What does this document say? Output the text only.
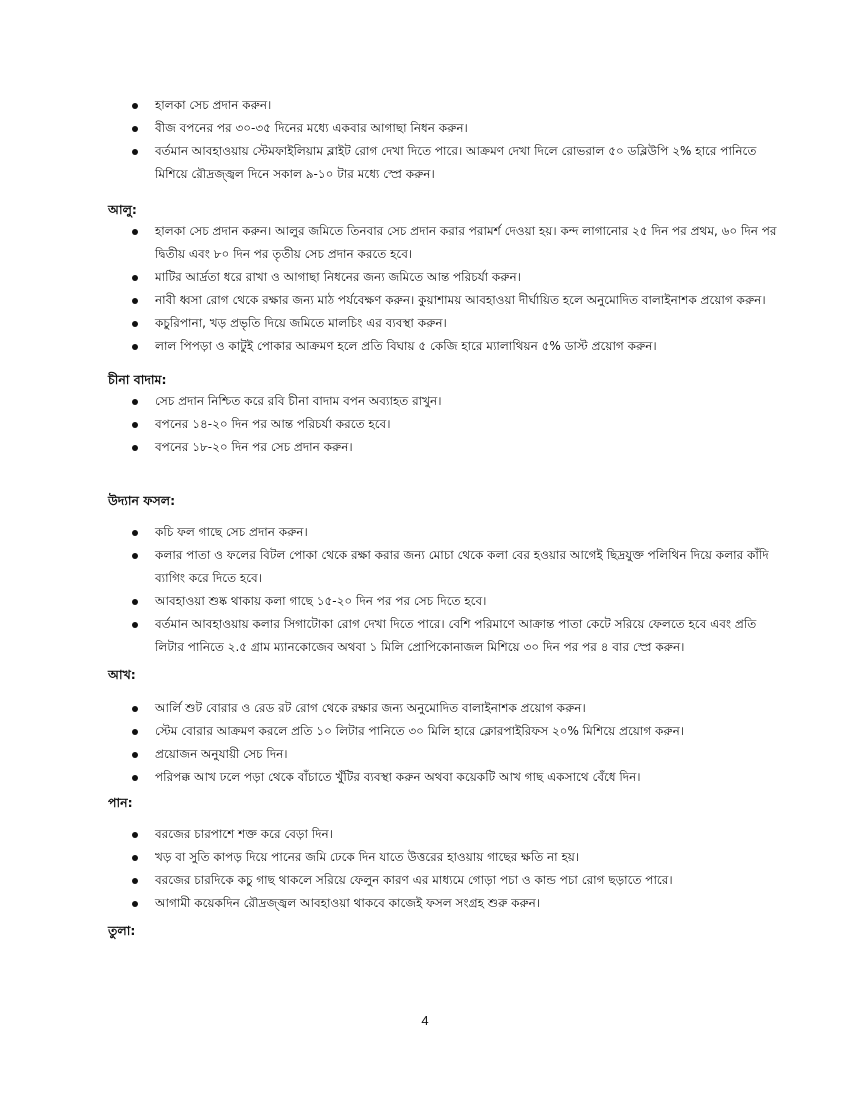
হালকা সেচ প্রদান করুন।
বীজ বপনের পর ৩০-৩৫ দিনের মধ্যে একবার আগাছা নিধন করুন।
বর্তমান আবহাওয়ায় স্টেমফাইলিয়াম ব্লাইট রোগ দেখা দিতে পারে। আক্রমণ দেখা দিলে রোভরাল ৫০ ডব্লিউপি ২% হারে পানিতে মিশিয়ে রৌদ্রজ্জ্বল দিনে সকাল ৯-১০ টার মধ্যে স্প্রে করুন।

আলু:

হালকা সেচ প্রদান করুন। আলুর জমিতে তিনবার সেচ প্রদান করার পরামর্শ দেওয়া হয়। কন্দ লাগানোর ২৫ দিন পর প্রথম, ৬০ দিন পর দ্বিতীয় এবং ৮০ দিন পর তৃতীয় সেচ প্রদান করতে হবে।
মাটির আর্দ্রতা ধরে রাখা ও আগাছা নিধনের জন্য জমিতে আন্ত পরিচর্যা করুন।
নাবী ধ্বসা রোগ থেকে রক্ষার জন্য মাঠ পর্যবেক্ষণ করুন। কুয়াশাময় আবহাওয়া দীর্ঘায়িত হলে অনুমোদিত বালাইনাশক প্রয়োগ করুন।
কচুরিপানা, খড় প্রভৃতি দিয়ে জমিতে মালচিং এর ব্যবস্থা করুন।
লাল পিপড়া ও কাটুই পোকার আক্রমণ হলে প্রতি বিঘায় ৫ কেজি হারে ম্যালাথিয়ন ৫% ডাস্ট প্রয়োগ করুন।

চীনা বাদাম:

সেচ প্রদান নিশ্চিত করে রবি চীনা বাদাম বপন অব্যাহত রাখুন।
বপনের ১৪-২০ দিন পর আন্ত পরিচর্যা করতে হবে।
বপনের ১৮-২০ দিন পর সেচ প্রদান করুন।

উদ্যান ফসল:

কচি ফল গাছে সেচ প্রদান করুন।
কলার পাতা ও ফলের বিটল পোকা থেকে রক্ষা করার জন্য মোচা থেকে কলা বের হওয়ার আগেই ছিদ্রযুক্ত পলিথিন দিয়ে কলার কাঁদি ব্যাগিং করে দিতে হবে।
আবহাওয়া শুষ্ক থাকায় কলা গাছে ১৫-২০ দিন পর পর সেচ দিতে হবে।
বর্তমান আবহাওয়ায় কলার সিগাটোকা রোগ দেখা দিতে পারে। বেশি পরিমাণে আক্রান্ত পাতা কেটে সরিয়ে ফেলতে হবে এবং প্রতি লিটার পানিতে ২.৫ গ্রাম ম্যানকোজেব অথবা ১ মিলি প্রোপিকোনাজল মিশিয়ে ৩০ দিন পর পর ৪ বার স্প্রে করুন।

আখ:

আর্লি শুট বোরার ও রেড রট রোগ থেকে রক্ষার জন্য অনুমোদিত বালাইনাশক প্রয়োগ করুন।
স্টেম বোরার আক্রমণ করলে প্রতি ১০ লিটার পানিতে ৩০ মিলি হারে ক্লোরপাইরিফস ২০% মিশিয়ে প্রয়োগ করুন।
প্রয়োজন অনুযায়ী সেচ দিন।
পরিপক্ক আখ ঢলে পড়া থেকে বাঁচাতে খুঁটির ব্যবস্থা করুন অথবা কয়েকটি আখ গাছ একসাথে বেঁধে দিন।

পান:

বরজের চারপাশে শক্ত করে বেড়া দিন।
খড় বা সুতি কাপড় দিয়ে পানের জমি ঢেকে দিন যাতে উত্তরের হাওয়ায় গাছের ক্ষতি না হয়।
বরজের চারদিকে কচু গাছ থাকলে সরিয়ে ফেলুন কারণ এর মাধ্যমে গোড়া পচা ও কান্ড পচা রোগ ছড়াতে পারে।
আগামী কয়েকদিন রৌদ্রজ্জ্বল আবহাওয়া থাকবে কাজেই ফসল সংগ্রহ শুরু করুন।

তুলা:

4
